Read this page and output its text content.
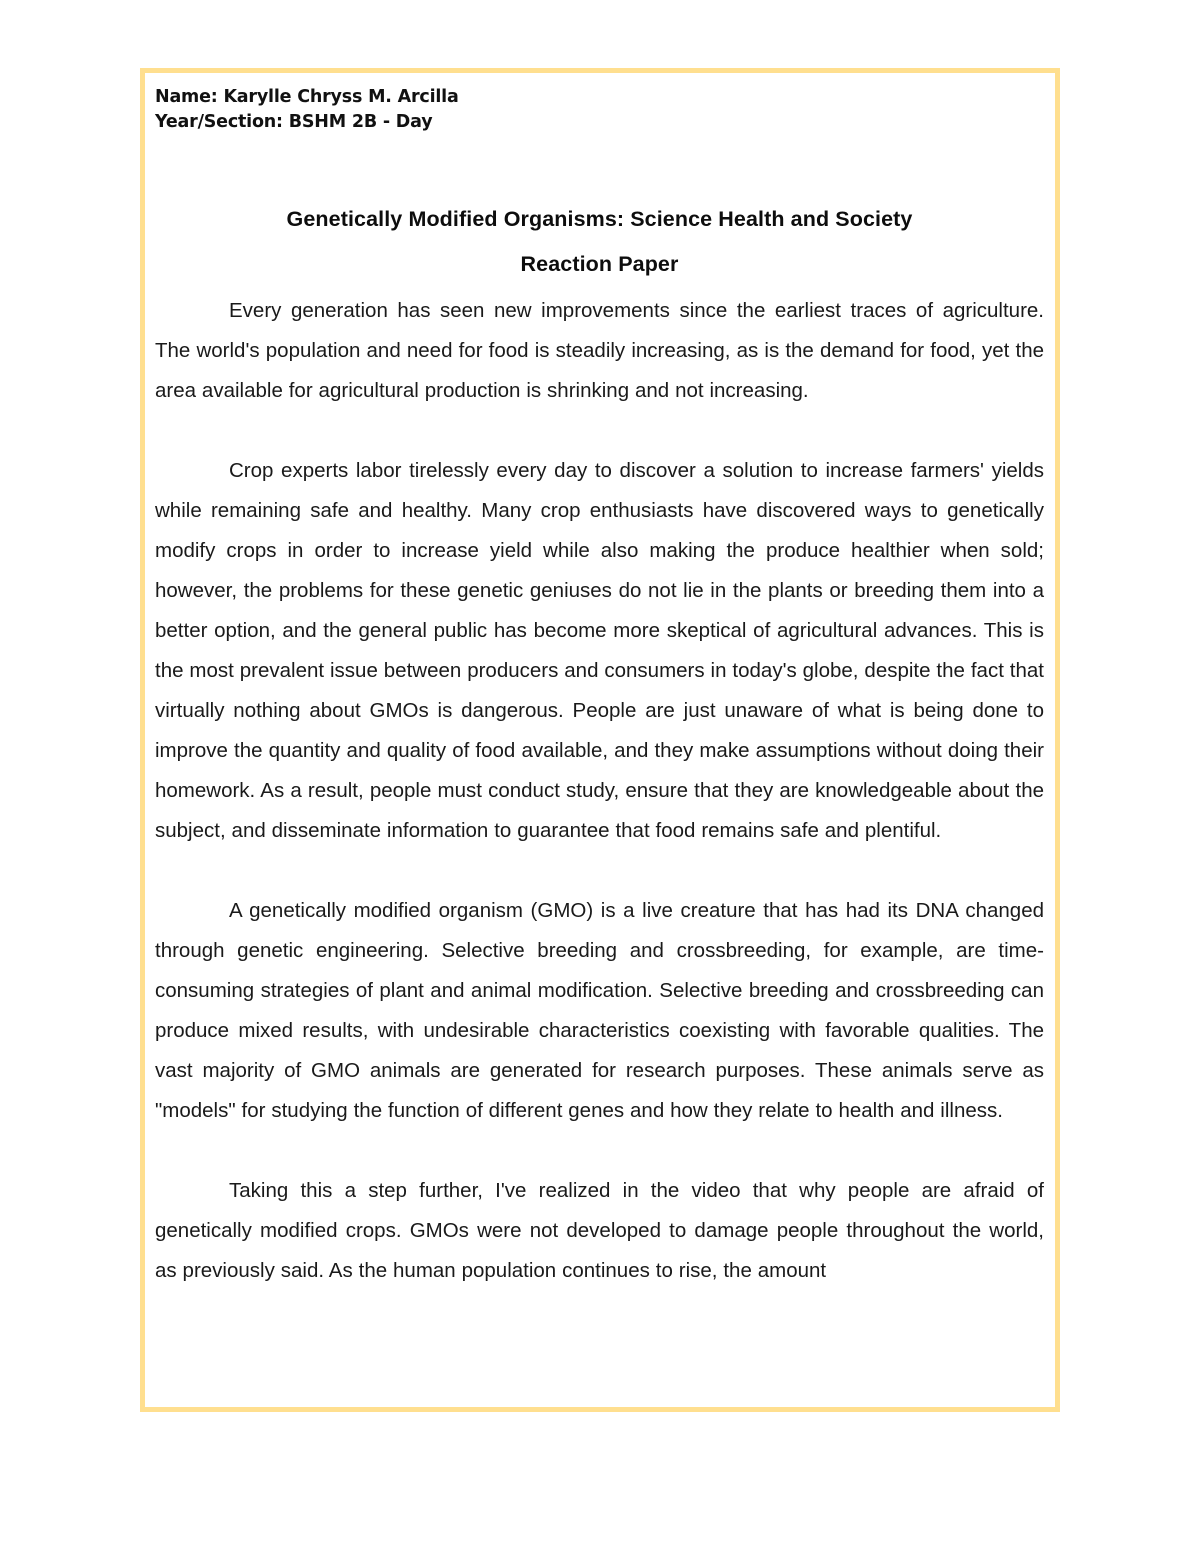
Name: Karylle Chryss M. Arcilla
Year/Section: BSHM 2B - Day
Genetically Modified Organisms: Science Health and Society
Reaction Paper

Every generation has seen new improvements since the earliest traces of agriculture. The world's population and need for food is steadily increasing, as is the demand for food, yet the area available for agricultural production is shrinking and not increasing.

Crop experts labor tirelessly every day to discover a solution to increase farmers' yields while remaining safe and healthy. Many crop enthusiasts have discovered ways to genetically modify crops in order to increase yield while also making the produce healthier when sold; however, the problems for these genetic geniuses do not lie in the plants or breeding them into a better option, and the general public has become more skeptical of agricultural advances. This is the most prevalent issue between producers and consumers in today's globe, despite the fact that virtually nothing about GMOs is dangerous. People are just unaware of what is being done to improve the quantity and quality of food available, and they make assumptions without doing their homework. As a result, people must conduct study, ensure that they are knowledgeable about the subject, and disseminate information to guarantee that food remains safe and plentiful.

A genetically modified organism (GMO) is a live creature that has had its DNA changed through genetic engineering. Selective breeding and crossbreeding, for example, are time-consuming strategies of plant and animal modification. Selective breeding and crossbreeding can produce mixed results, with undesirable characteristics coexisting with favorable qualities. The vast majority of GMO animals are generated for research purposes. These animals serve as "models" for studying the function of different genes and how they relate to health and illness.

Taking this a step further, I've realized in the video that why people are afraid of genetically modified crops. GMOs were not developed to damage people throughout the world, as previously said. As the human population continues to rise, the amount
